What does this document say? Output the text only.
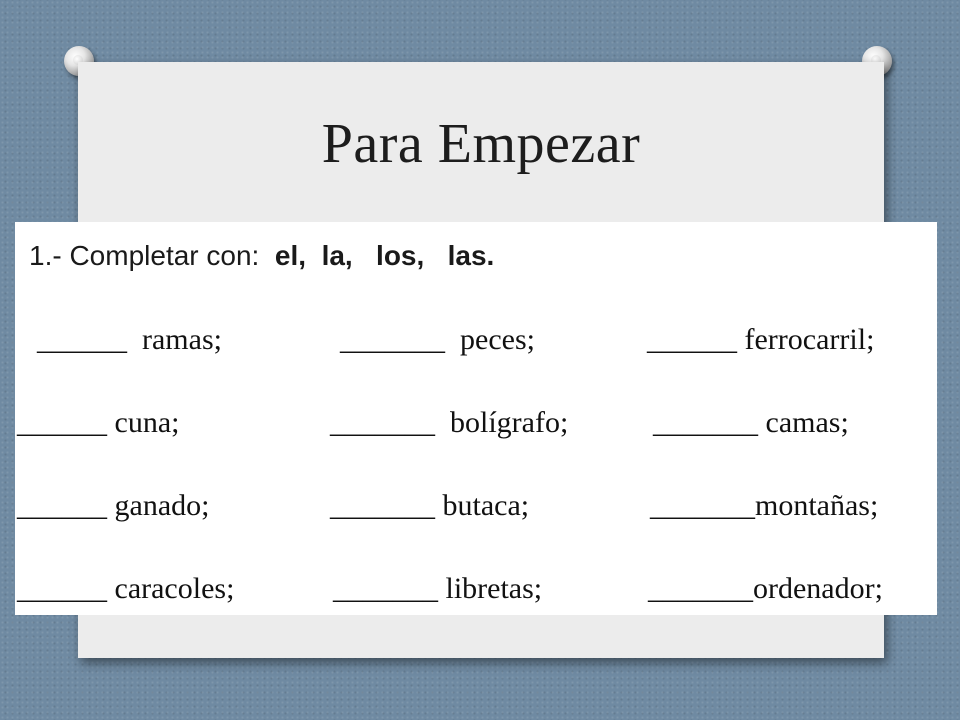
Para Empezar
1.- Completar con: el,  la,   los,   las.
______  ramas;	_______  peces;	______ ferrocarril;
______ cuna;	_______  bolígrafo;	_______ camas;
______ ganado;	_______ butaca;	_______montañas;
______ caracoles;	_______ libretas;	_______ordenador;
